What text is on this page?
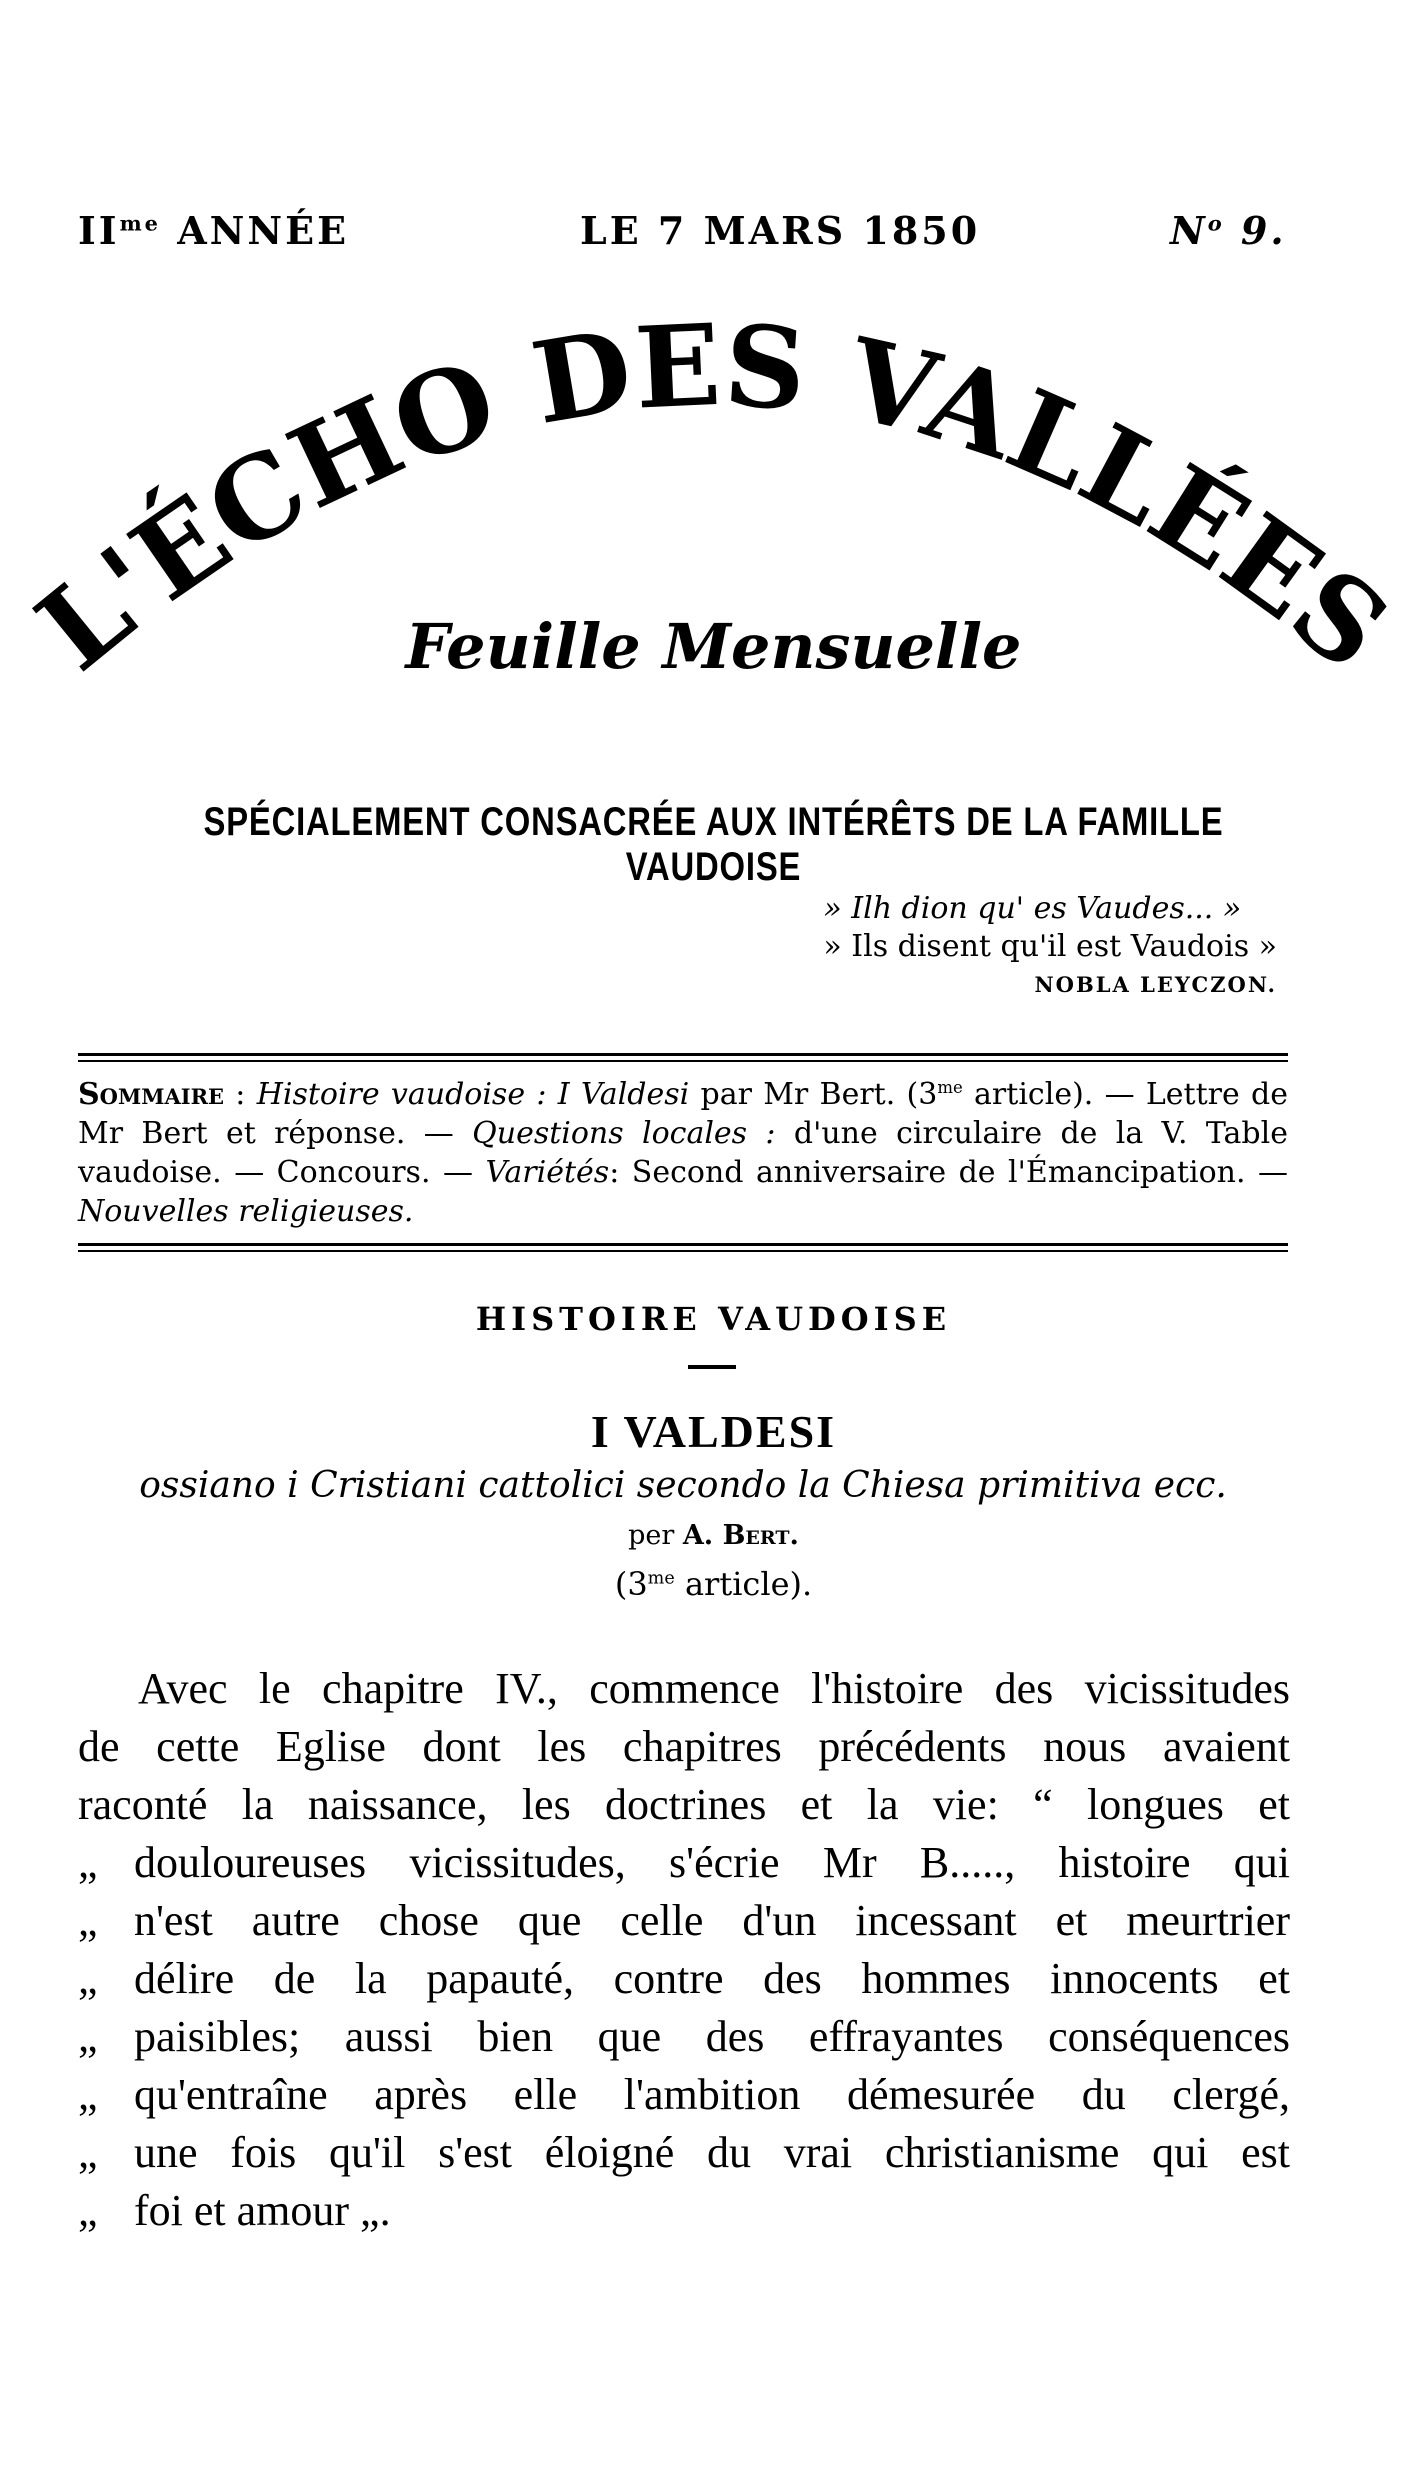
$II^{me}$ ANNÉE	LE 7 MARS 1850	$N^o$ 9.
L'ÉCHO DES VALLÉES
Feuille Mensuelle
SPÉCIALEMENT CONSACRÉE AUX INTÉRÊTS DE LA FAMILLE VAUDOISE
» Ilh dion qu' es Vaudes... »
» Ils disent qu'il est Vaudois »
NOBLA LEYCZON.
Sommaire : Histoire vaudoise : I Valdesi par Mr Bert. ($3^{me}$ article). — Lettre de Mr Bert et réponse. — Questions locales : d'une circulaire de la V. Table vaudoise. — Concours. — Variétés: Second anniversaire de l'Émancipation. — Nouvelles religieuses.
HISTOIRE VAUDOISE
I VALDESI
ossiano i Cristiani cattolici secondo la Chiesa primitiva ecc.
per A. Bert.
($3^{me}$ article).
Avec le chapitre IV., commence l'histoire des vicissitudes
de cette Eglise dont les chapitres précédents nous avaient
raconté la naissance, les doctrines et la vie: “ longues et
„ douloureuses vicissitudes, s'écrie Mr B....., histoire qui
„ n'est autre chose que celle d'un incessant et meurtrier
„ délire de la papauté, contre des hommes innocents et
„ paisibles; aussi bien que des effrayantes conséquences
„ qu'entraîne après elle l'ambition démesurée du clergé,
„ une fois qu'il s'est éloigné du vrai christianisme qui est
„ foi et amour „.
